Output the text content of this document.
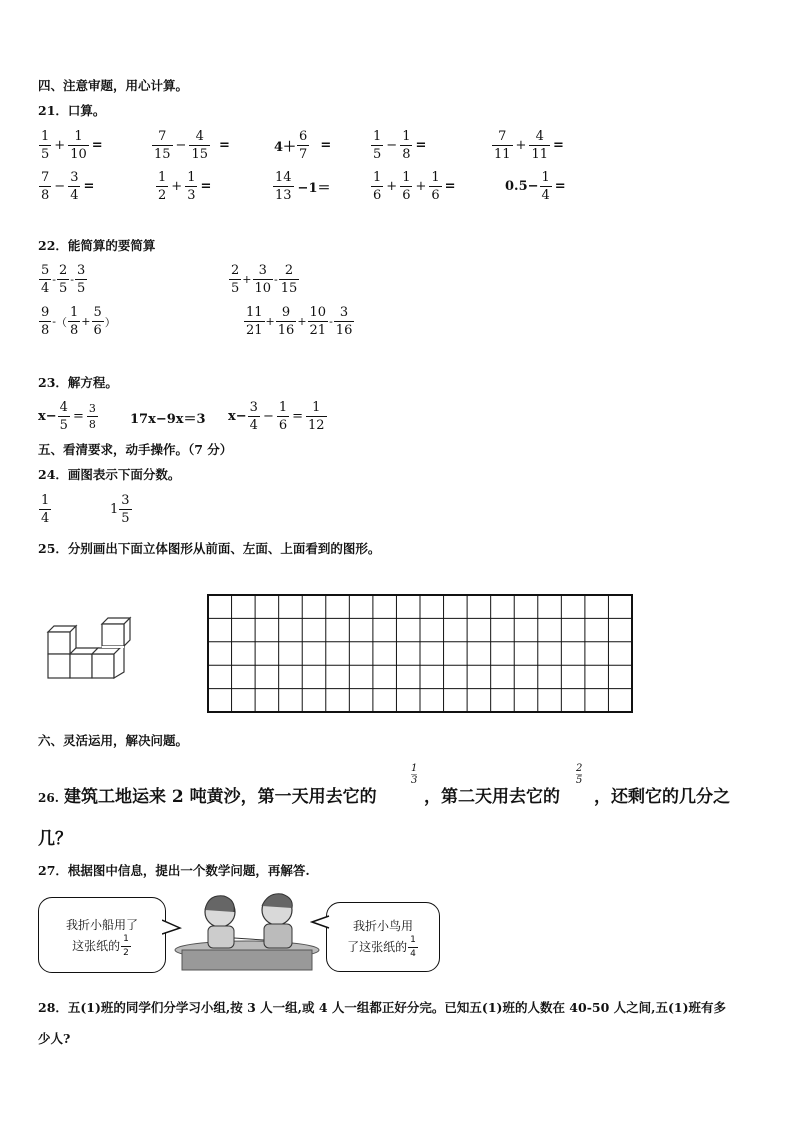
四、注意审题，用心计算。
21．口算。
1
5
+ $\frac{1}{10}$ =
7
15
− $\frac{4}{15}$ =	$4+ \frac{6}{7}$ =
1
5
− $\frac{1}{8}$ =
7
11
+ $\frac{4}{11}$ =
7
8
− $\frac{3}{4}$ =
1
2
+ $\frac{1}{3}$ =
14
13 −1＝
1
6
+ $\frac{1}{6} + \frac{1}{6}$ =	$0.5- \frac{1}{4}$ =
22．能简算的要简算
5
4
-
2
5
-
3
5
2
5
+ $\frac{3}{10}$ -
2
15
9
8
- （
1
8
+ $\frac{5}{6}$ ）
11
21
+ $\frac{9}{16} + \frac{10}{21}$ -
3
16
23．解方程。
$x- \frac{4}{5} = \frac{3}{8} 17x-9x=3$ $x- \frac{3}{4} - \frac{1}{6} = \frac{1}{12}$
五、看清要求，动手操作。（7 分）
24．画图表示下面分数。
1
4
1
3
5
25．分别画出下面立体图形从前面、左面、上面看到的图形。
六、灵活运用，解决问题。
26. 建筑工地运来 2 吨黄沙，第一天用去它的
1
3
，第二天用去它的
2
5
，还剩它的几分之
几？
27．根据图中信息，提出一个数学问题，再解答.
我折小船用了
这张纸的 1
2
我折小鸟用
了这张纸的 1
4
28．五(1)班的同学们分学习小组,按 3 人一组,或 4 人一组都正好分完。已知五(1)班的人数在 40-50 人之间,五(1)班有多
少人?
